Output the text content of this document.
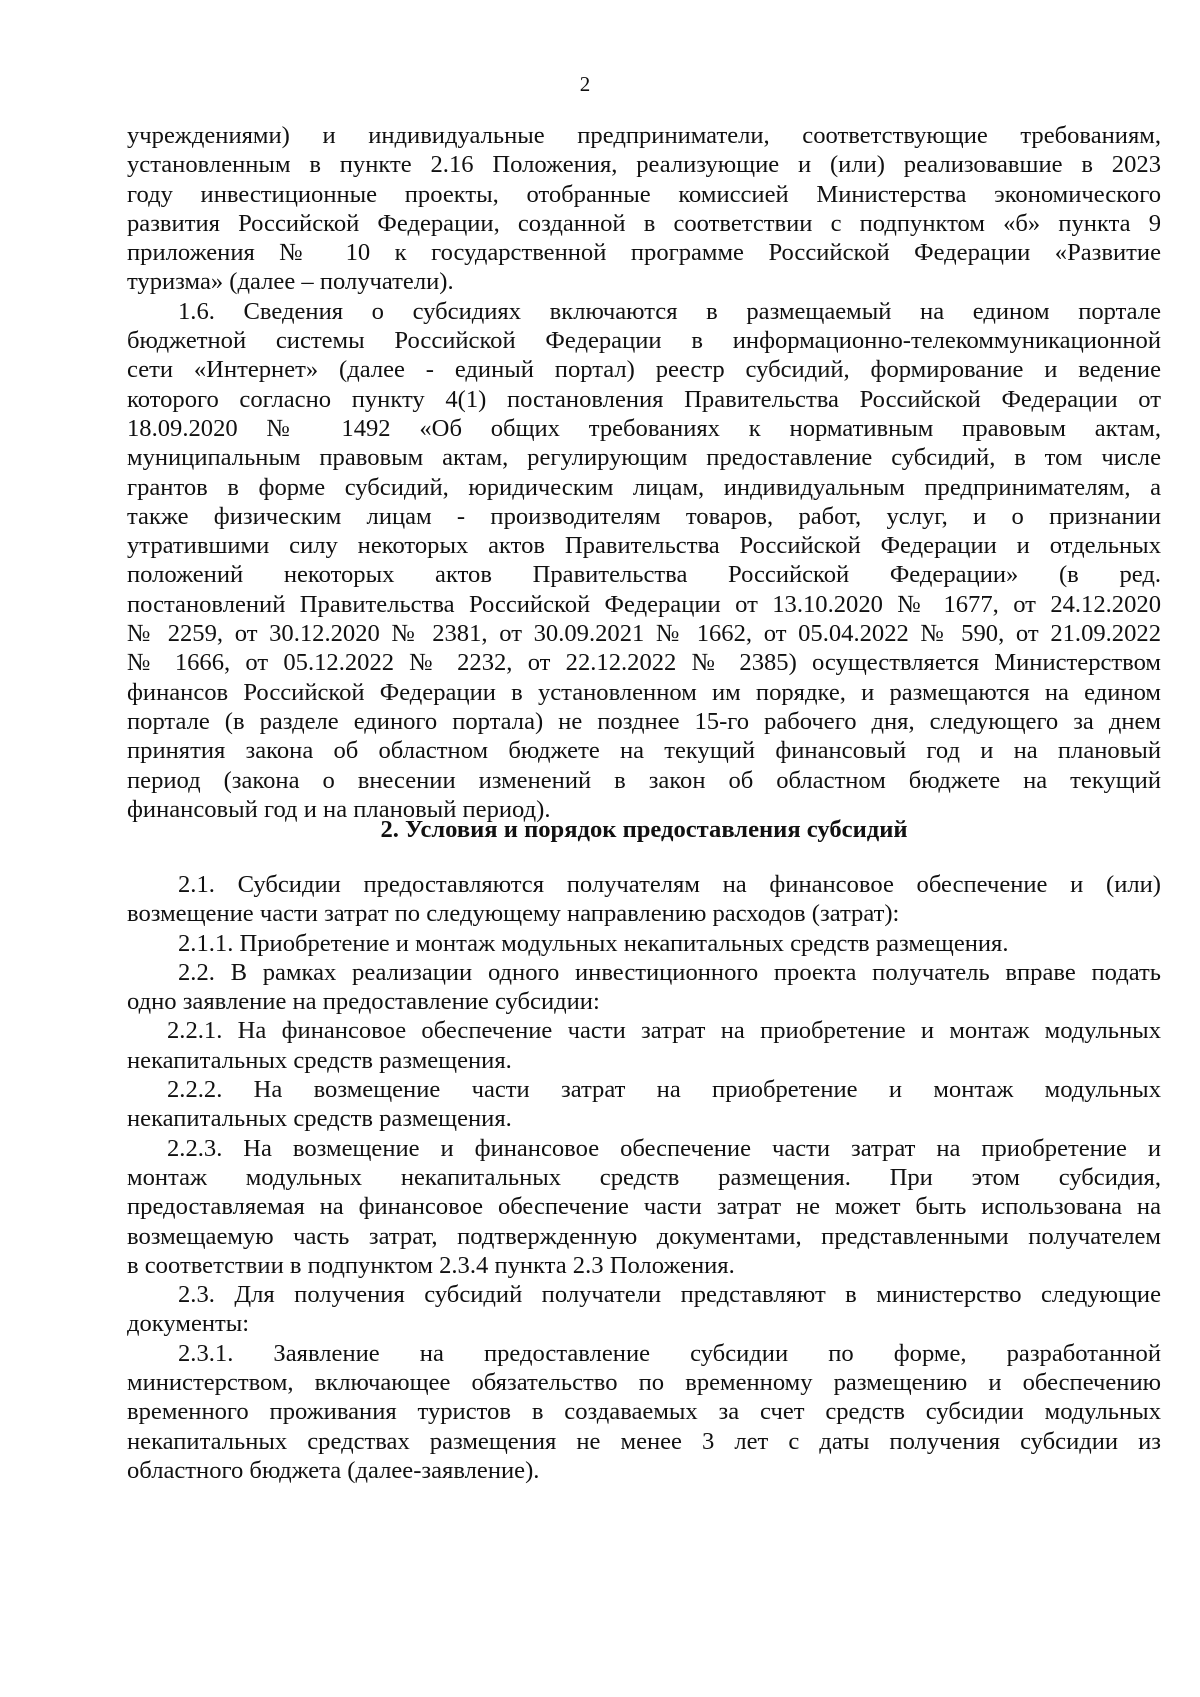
2
учреждениями) и индивидуальные предприниматели, соответствующие требованиям,
установленным в пункте 2.16 Положения, реализующие и (или) реализовавшие в 2023
году инвестиционные проекты, отобранные комиссией Министерства экономического
развития Российской Федерации, созданной в соответствии с подпунктом «б» пункта 9
приложения № 10 к государственной программе Российской Федерации «Развитие
туризма» (далее – получатели).
1.6. Сведения о субсидиях включаются в размещаемый на едином портале
бюджетной системы Российской Федерации в информационно-телекоммуникационной
сети «Интернет» (далее - единый портал) реестр субсидий, формирование и ведение
которого согласно пункту 4(1) постановления Правительства Российской Федерации от
18.09.2020 № 1492 «Об общих требованиях к нормативным правовым актам,
муниципальным правовым актам, регулирующим предоставление субсидий, в том числе
грантов в форме субсидий, юридическим лицам, индивидуальным предпринимателям, а
также физическим лицам - производителям товаров, работ, услуг, и о признании
утратившими силу некоторых актов Правительства Российской Федерации и отдельных
положений некоторых актов Правительства Российской Федерации» (в ред.
постановлений Правительства Российской Федерации от 13.10.2020 № 1677, от 24.12.2020
№ 2259, от 30.12.2020 № 2381, от 30.09.2021 № 1662, от 05.04.2022 № 590, от 21.09.2022
№ 1666, от 05.12.2022 № 2232, от 22.12.2022 № 2385) осуществляется Министерством
финансов Российской Федерации в установленном им порядке, и размещаются на едином
портале (в разделе единого портала) не позднее 15-го рабочего дня, следующего за днем
принятия закона об областном бюджете на текущий финансовый год и на плановый
период (закона о внесении изменений в закон об областном бюджете на текущий
финансовый год и на плановый период).
2. Условия и порядок предоставления субсидий
2.1. Субсидии предоставляются получателям на финансовое обеспечение и (или)
возмещение части затрат по следующему направлению расходов (затрат):
2.1.1. Приобретение и монтаж модульных некапитальных средств размещения.
2.2. В рамках реализации одного инвестиционного проекта получатель вправе подать
одно заявление на предоставление субсидии:
2.2.1. На финансовое обеспечение части затрат на приобретение и монтаж модульных
некапитальных средств размещения.
2.2.2. На возмещение части затрат на приобретение и монтаж модульных
некапитальных средств размещения.
2.2.3. На возмещение и финансовое обеспечение части затрат на приобретение и
монтаж модульных некапитальных средств размещения. При этом субсидия,
предоставляемая на финансовое обеспечение части затрат не может быть использована на
возмещаемую часть затрат, подтвержденную документами, представленными получателем
в соответствии в подпунктом 2.3.4 пункта 2.3 Положения.
2.3. Для получения субсидий получатели представляют в министерство следующие
документы:
2.3.1. Заявление на предоставление субсидии по форме, разработанной
министерством, включающее обязательство по временному размещению и обеспечению
временного проживания туристов в создаваемых за счет средств субсидии модульных
некапитальных средствах размещения не менее 3 лет с даты получения субсидии из
областного бюджета (далее-заявление).
